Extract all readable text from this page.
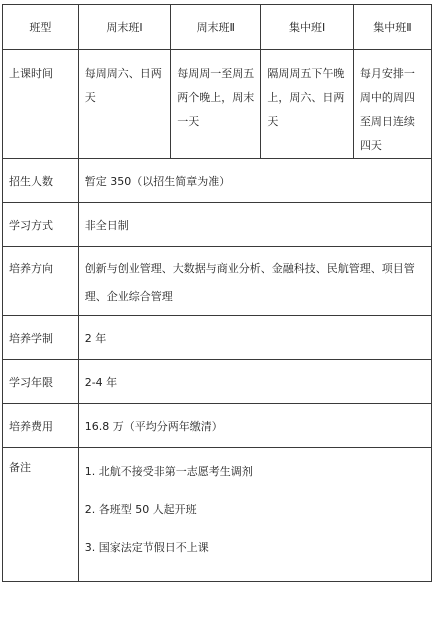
班型	周末班Ⅰ	周末班Ⅱ	集中班Ⅰ	集中班Ⅱ

上课时间	每周周六、日两天	每周周一至周五两个晚上，周末一天	隔周周五下午晚上，周六、日两天	每月安排一周中的周四至周日连续四天

招生人数	暂定 350（以招生简章为准）			
学习方式	非全日制			

培养方向	创新与创业管理、大数据与商业分析、金融科技、民航管理、项目管理、企业综合管理			

培养学制	2 年			
学习年限	2-4 年			
培养费用	16.8 万（平均分两年缴清）			

备注	1. 北航不接受非第一志愿考生调剂
2. 各班型 50 人起开班
3. 国家法定节假日不上课			
